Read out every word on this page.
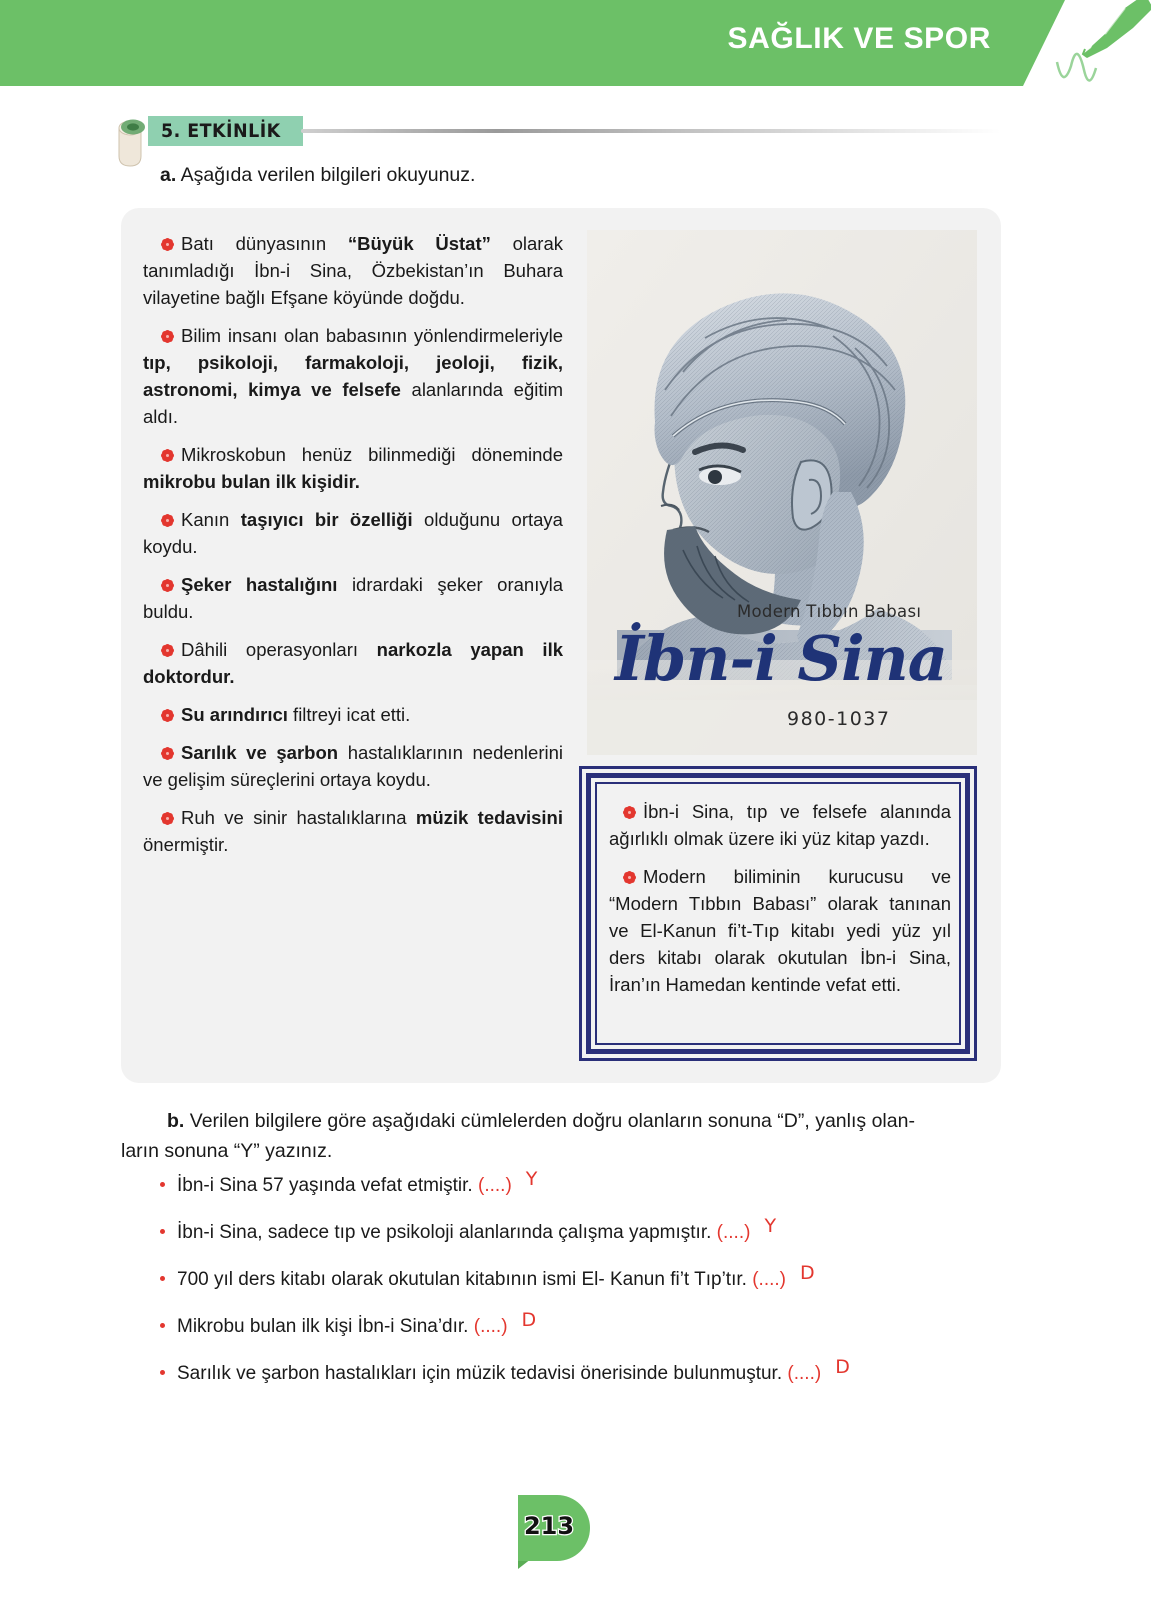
SAĞLIK VE SPOR
5. ETKİNLİK
a. Aşağıda verilen bilgileri okuyunuz.
Batı dünyasının “Büyük Üstat” olarak tanımladığı İbn-i Sina, Özbekistan’ın Buhara vilayetine bağlı Efşane köyünde doğdu.
Bilim insanı olan babasının yönlendirmeleriyle tıp, psikoloji, farmakoloji, jeoloji, fizik, astronomi, kimya ve felsefe alanlarında eğitim aldı.
Mikroskobun henüz bilinmediği döneminde mikrobu bulan ilk kişidir.
Kanın taşıyıcı bir özelliği olduğunu ortaya koydu.
Şeker hastalığını idrardaki şeker oranıyla buldu.
Dâhili operasyonları narkozla yapan ilk doktordur.
Su arındırıcı filtreyi icat etti.
Sarılık ve şarbon hastalıklarının nedenlerini ve gelişim süreçlerini ortaya koydu.
Ruh ve sinir hastalıklarına müzik tedavisini önermiştir.
Modern Tıbbın Babası
İbn-i Sina
980-1037
İbn-i Sina, tıp ve felsefe alanında ağırlıklı olmak üzere iki yüz kitap yazdı.
Modern biliminin kurucusu ve “Modern Tıbbın Babası” olarak tanınan ve El-Kanun fi’t-Tıp kitabı yedi yüz yıl ders kitabı olarak okutulan İbn-i Sina, İran’ın Hamedan kentinde vefat etti.
b. Verilen bilgilere göre aşağıdaki cümlelerden doğru olanların sonuna “D”, yanlış olan-
ların sonuna “Y” yazınız.
İbn-i Sina 57 yaşında vefat etmiştir. (....) Y
İbn-i Sina, sadece tıp ve psikoloji alanlarında çalışma yapmıştır. (....) Y
700 yıl ders kitabı olarak okutulan kitabının ismi El- Kanun fi’t Tıp’tır. (....) D
Mikrobu bulan ilk kişi İbn-i Sina’dır. (....) D
Sarılık ve şarbon hastalıkları için müzik tedavisi önerisinde bulunmuştur. (....) D
213
